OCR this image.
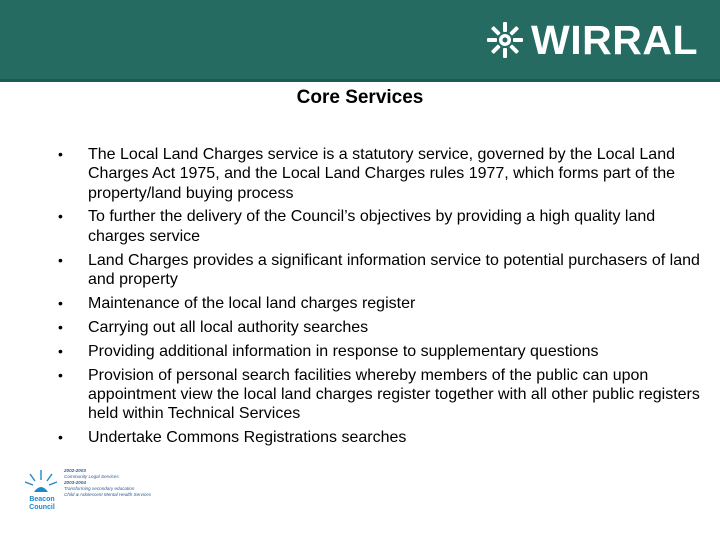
WIRRAL
Core Services
• The Local Land Charges service is a statutory service, governed by the Local Land Charges Act 1975, and the Local Land Charges rules 1977, which forms part of the property/land buying process
• To further the delivery of the Council’s objectives by providing a high quality land charges service
• Land Charges provides a significant information service to potential purchasers of land and property
• Maintenance of the local land charges register
• Carrying out all local authority searches
• Providing additional information in response to supplementary questions
• Provision of personal search facilities whereby members of the public can upon appointment view the local land charges register together with all other public registers held within Technical Services
• Undertake Commons Registrations searches
Beacon Council
2002-2003
Community Legal Services
2003-2004
Transforming secondary education
Child & Adolescent Mental Health Services
